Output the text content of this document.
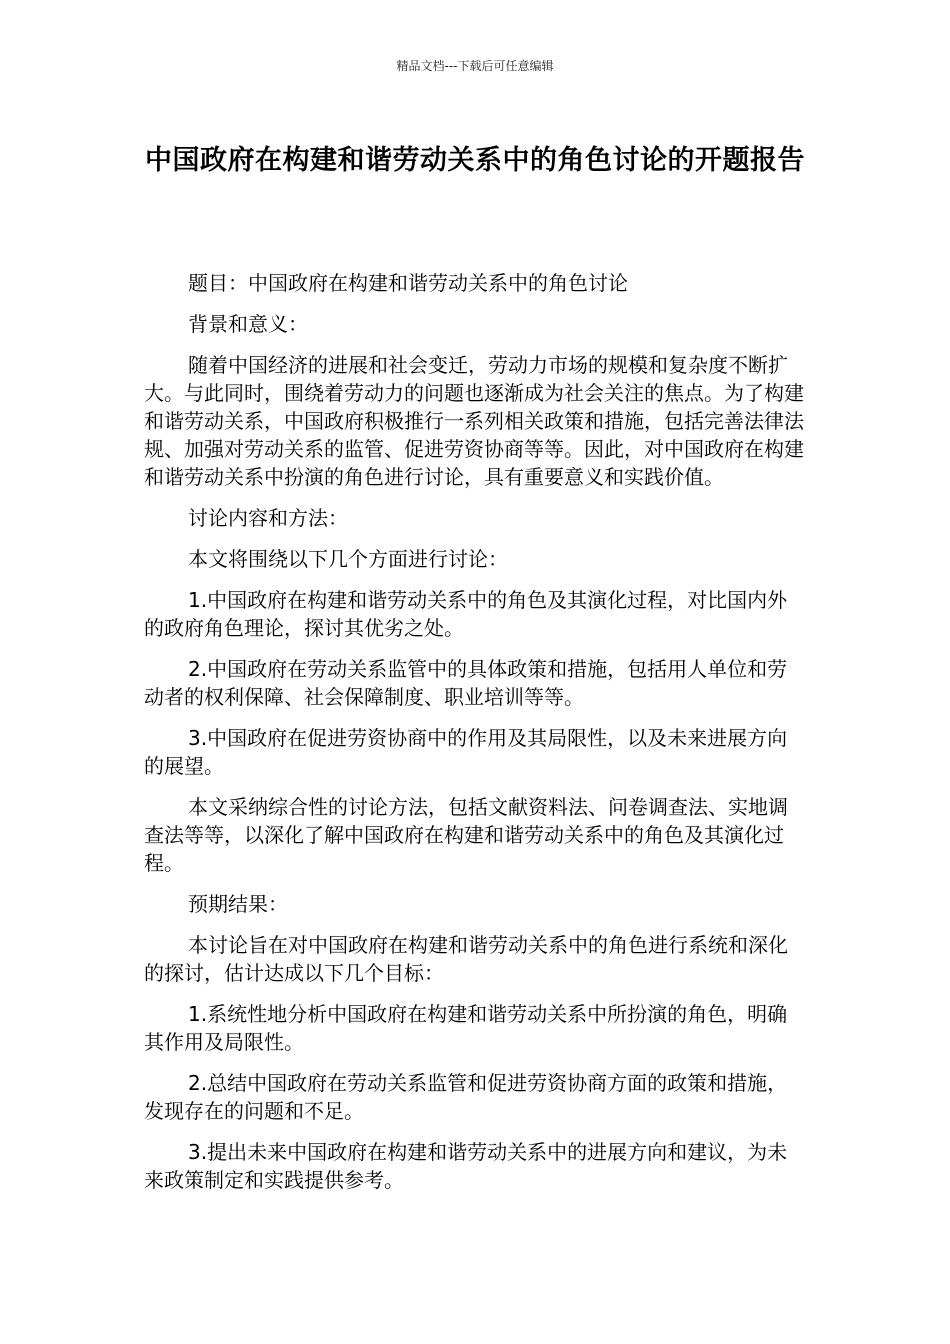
精品文档---下载后可任意编辑
中国政府在构建和谐劳动关系中的角色讨论的开题报告

题目：中国政府在构建和谐劳动关系中的角色讨论

背景和意义：

随着中国经济的进展和社会变迁，劳动力市场的规模和复杂度不断扩大。与此同时，围绕着劳动力的问题也逐渐成为社会关注的焦点。为了构建和谐劳动关系，中国政府积极推行一系列相关政策和措施，包括完善法律法规、加强对劳动关系的监管、促进劳资协商等等。因此，对中国政府在构建和谐劳动关系中扮演的角色进行讨论，具有重要意义和实践价值。

讨论内容和方法：

本文将围绕以下几个方面进行讨论：

1.中国政府在构建和谐劳动关系中的角色及其演化过程，对比国内外的政府角色理论，探讨其优劣之处。

2.中国政府在劳动关系监管中的具体政策和措施，包括用人单位和劳动者的权利保障、社会保障制度、职业培训等等。

3.中国政府在促进劳资协商中的作用及其局限性，以及未来进展方向的展望。

本文采纳综合性的讨论方法，包括文献资料法、问卷调查法、实地调查法等等，以深化了解中国政府在构建和谐劳动关系中的角色及其演化过程。

预期结果：

本讨论旨在对中国政府在构建和谐劳动关系中的角色进行系统和深化的探讨，估计达成以下几个目标：

1.系统性地分析中国政府在构建和谐劳动关系中所扮演的角色，明确其作用及局限性。

2.总结中国政府在劳动关系监管和促进劳资协商方面的政策和措施，发现存在的问题和不足。

3.提出未来中国政府在构建和谐劳动关系中的进展方向和建议，为未来政策制定和实践提供参考。
